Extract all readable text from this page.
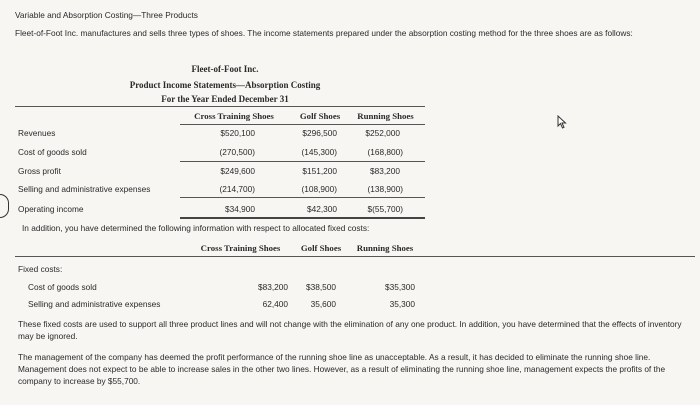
Variable and Absorption Costing—Three Products
Fleet-of-Foot Inc. manufactures and sells three types of shoes. The income statements prepared under the absorption costing method for the three shoes are as follows:
Fleet-of-Foot Inc.
Product Income Statements—Absorption Costing
For the Year Ended December 31
Cross Training Shoes	Golf Shoes	Running Shoes
Revenues	$520,100	$296,500	$252,000
Cost of goods sold	(270,500)	(145,300)	(168,800)
Gross profit	$249,600	$151,200	$83,200
Selling and administrative expenses	(214,700)	(108,900)	(138,900)
Operating income	$34,900	$42,300	$(55,700)
In addition, you have determined the following information with respect to allocated fixed costs:
Cross Training Shoes	Golf Shoes	Running Shoes
Fixed costs:
Cost of goods sold	$83,200	$38,500	$35,300
Selling and administrative expenses	62,400	35,600	35,300
These fixed costs are used to support all three product lines and will not change with the elimination of any one product. In addition, you have determined that the effects of inventory may be ignored.
The management of the company has deemed the profit performance of the running shoe line as unacceptable. As a result, it has decided to eliminate the running shoe line. Management does not expect to be able to increase sales in the other two lines. However, as a result of eliminating the running shoe line, management expects the profits of the company to increase by $55,700.
